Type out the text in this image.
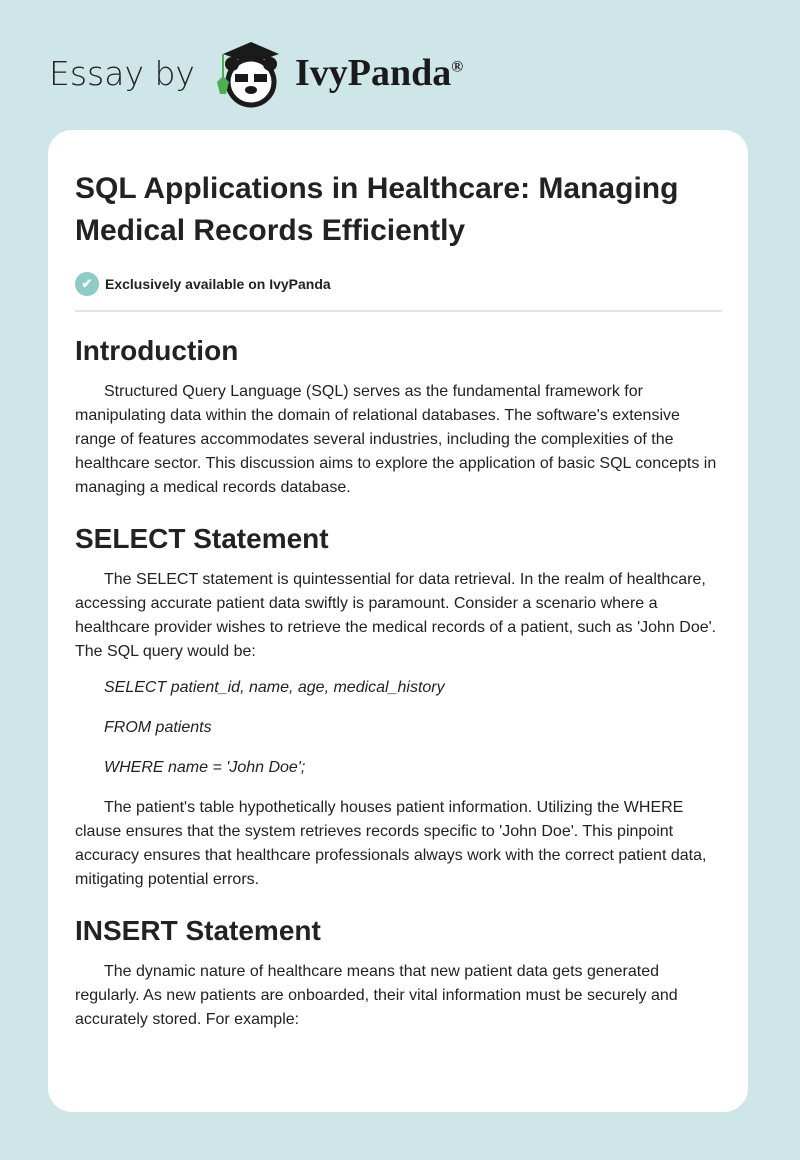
Essay by	IvyPanda®
SQL Applications in Healthcare: Managing Medical Records Efficiently
✔ Exclusively available on IvyPanda
Introduction

Structured Query Language (SQL) serves as the fundamental framework for manipulating data within the domain of relational databases. The software's extensive range of features accommodates several industries, including the complexities of the healthcare sector. This discussion aims to explore the application of basic SQL concepts in managing a medical records database.

SELECT Statement

The SELECT statement is quintessential for data retrieval. In the realm of healthcare, accessing accurate patient data swiftly is paramount. Consider a scenario where a healthcare provider wishes to retrieve the medical records of a patient, such as 'John Doe'. The SQL query would be:

SELECT patient_id, name, age, medical_history

FROM patients

WHERE name = 'John Doe';

The patient's table hypothetically houses patient information. Utilizing the WHERE clause ensures that the system retrieves records specific to 'John Doe'. This pinpoint accuracy ensures that healthcare professionals always work with the correct patient data, mitigating potential errors.

INSERT Statement

The dynamic nature of healthcare means that new patient data gets generated regularly. As new patients are onboarded, their vital information must be securely and accurately stored. For example:
